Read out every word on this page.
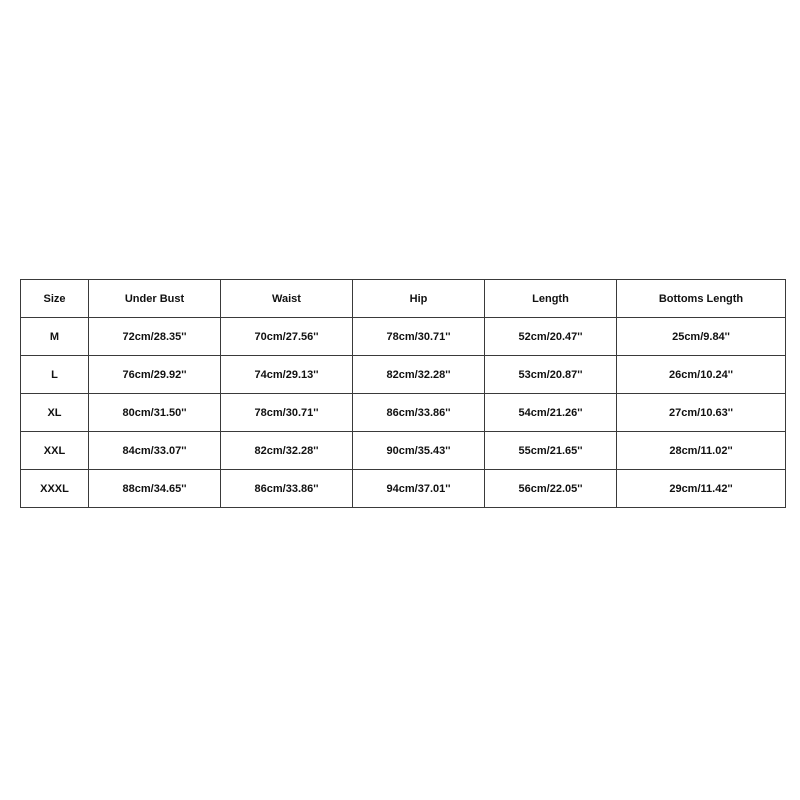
Size	Under Bust	Waist	Hip	Length	Bottoms Length
M	72cm/28.35''	70cm/27.56''	78cm/30.71''	52cm/20.47''	25cm/9.84''
L	76cm/29.92''	74cm/29.13''	82cm/32.28''	53cm/20.87''	26cm/10.24''
XL	80cm/31.50''	78cm/30.71''	86cm/33.86''	54cm/21.26''	27cm/10.63''
XXL	84cm/33.07''	82cm/32.28''	90cm/35.43''	55cm/21.65''	28cm/11.02''
XXXL	88cm/34.65''	86cm/33.86''	94cm/37.01''	56cm/22.05''	29cm/11.42''
